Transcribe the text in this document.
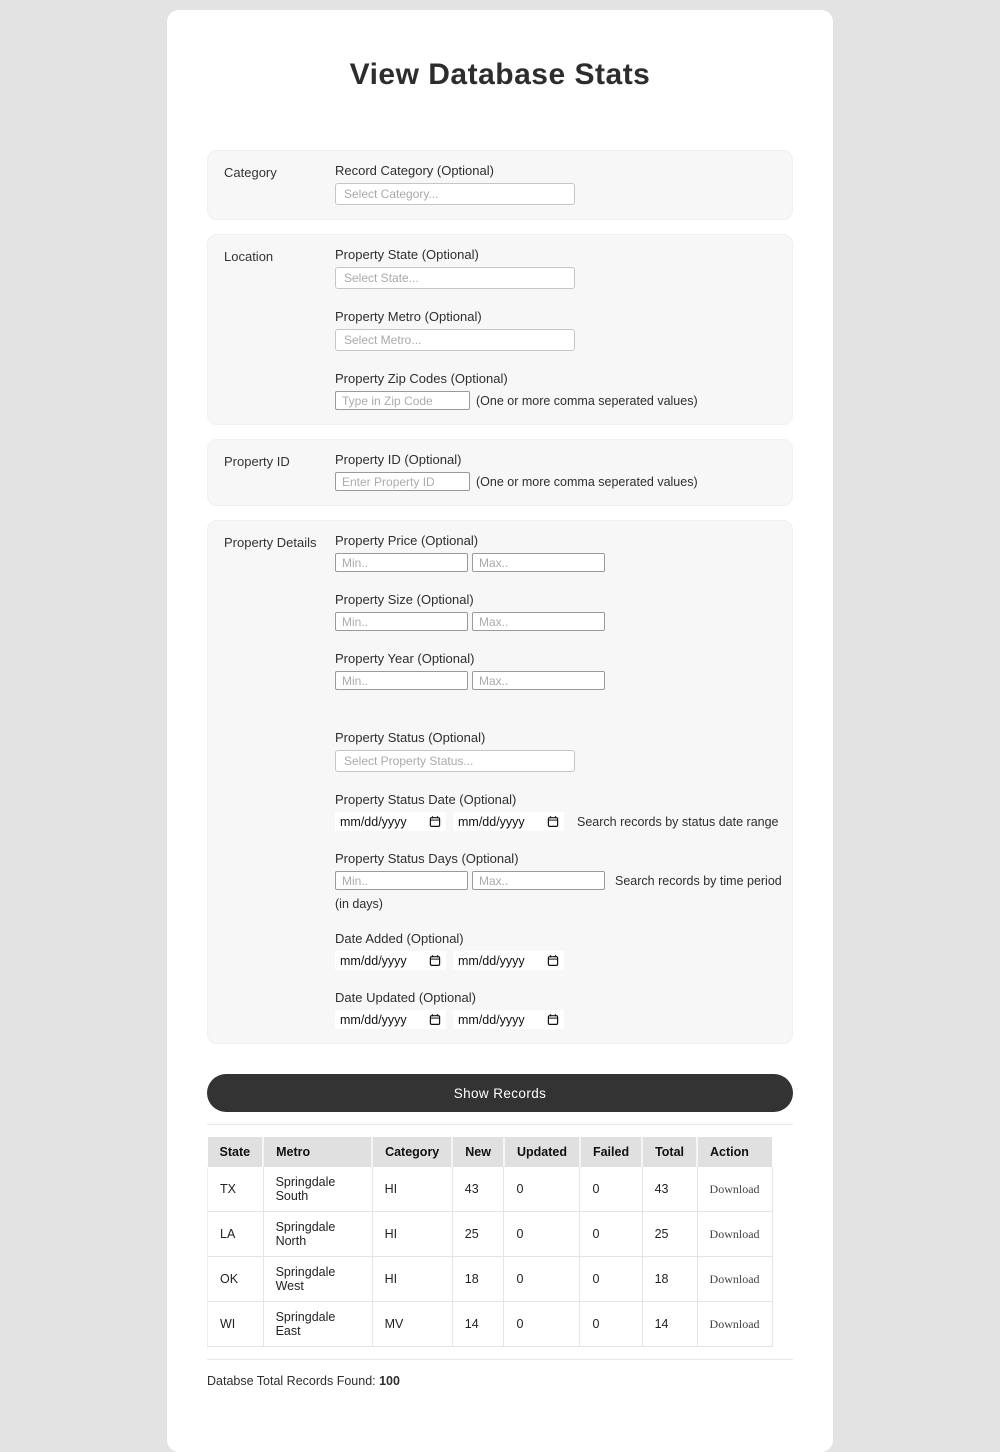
View Database Stats
Category	Record Category (Optional)
Select Category...
Location	Property State (Optional)
Select State...
Property Metro (Optional)
Select Metro...
Property Zip Codes (Optional)
Type in Zip Code
(One or more comma seperated values)
Property ID	Property ID (Optional)
Enter Property ID
(One or more comma seperated values)
Property Details	Property Price (Optional)
Min..
Max..
Property Size (Optional)
Min..
Max..
Property Year (Optional)
Min..
Max..
Property Status (Optional)
Select Property Status...
Property Status Date (Optional)
mm/dd/yyyy	mm/dd/yyyy	Search records by status date range
Property Status Days (Optional)
Min..
Max..
Search records by time period
(in days)
Date Added (Optional)
mm/dd/yyyy	mm/dd/yyyy
Date Updated (Optional)
mm/dd/yyyy	mm/dd/yyyy
Show Records
State	Metro	Category	New	Updated	Failed	Total	Action
TX	Springdale South	HI	43	0	0	43	Download
LA	Springdale North	HI	25	0	0	25	Download
OK	Springdale West	HI	18	0	0	18	Download
WI	Springdale East	MV	14	0	0	14	Download
Databse Total Records Found: 100
